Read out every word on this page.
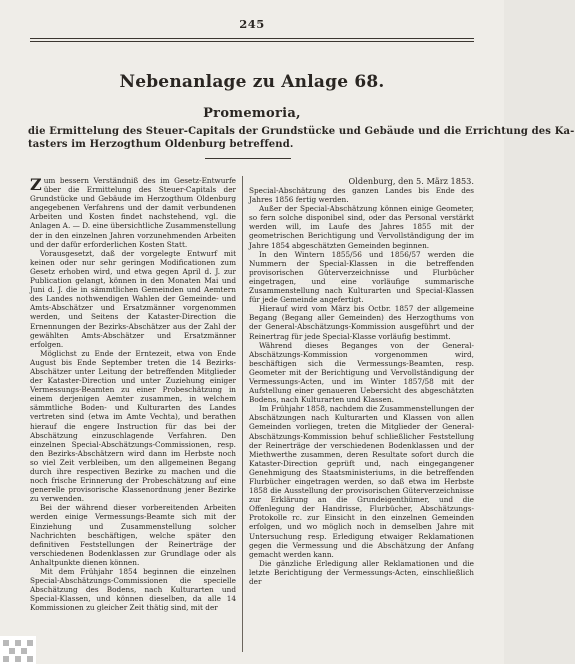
245
Nebenanlage zu Anlage 68.
Promemoria,
die Ermittelung des Steuer-Capitals der Grundstücke und Gebäude und die Errichtung des Ka-
tasters im Herzogthum Oldenburg betreffend.

Zum bessern Verständniß des im Gesetz-Entwurfe über die Ermittelung des Steuer-Capitals der Grundstücke und Gebäude im Herzogthum Oldenburg angegebenen Verfahrens und der damit verbundenen Arbeiten und Kosten findet nachstehend, vgl. die Anlagen A. — D. eine übersichtliche Zusammenstellung der in den einzelnen Jahren vorzunehmenden Arbeiten und der dafür erforderlichen Kosten Statt.

Vorausgesetzt, daß der vorgelegte Entwurf mit keinen oder nur sehr geringen Modificationen zum Gesetz erhoben wird, und etwa gegen April d. J. zur Publication gelangt, können in den Monaten Mai und Juni d. J. die in sämmtlichen Gemeinden und Aemtern des Landes nothwendigen Wahlen der Gemeinde- und Amts-Abschätzer und Ersatzmänner vorgenommen werden, und Seitens der Kataster-Direction die Ernennungen der Bezirks-Abschätzer aus der Zahl der gewählten Amts-Abschätzer und Ersatzmänner erfolgen.

Möglichst zu Ende der Erntezeit, etwa von Ende August bis Ende September treten die 14 Bezirks-Abschätzer unter Leitung der betreffenden Mitglieder der Kataster-Direction und unter Zuziehung einiger Vermessungs-Beamten zu einer Probeschätzung in einem derjenigen Aemter zusammen, in welchem sämmtliche Boden- und Kulturarten des Landes vertreten sind (etwa im Amte Vechta), und berathen hierauf die engere Instruction für das bei der Abschätzung einzuschlagende Verfahren. Den einzelnen Special-Abschätzungs-Commissionen, resp. den Bezirks-Abschätzern wird dann im Herbste noch so viel Zeit verbleiben, um den allgemeinen Begang durch ihre respectiven Bezirke zu machen und die noch frische Erinnerung der Probeschätzung auf eine generelle provisorische Klassenordnung jener Bezirke zu verwenden.

Bei der während dieser vorbereitenden Arbeiten werden einige Vermessungs-Beamte sich mit der Einziehung und Zusammenstellung solcher Nachrichten beschäftigen, welche später den definitiven Feststellungen der Reinerträge der verschiedenen Bodenklassen zur Grundlage oder als Anhaltpunkte dienen können.

Mit dem Frühjahr 1854 beginnen die einzelnen Special-Abschätzungs-Commissionen die specielle Abschätzung des Bodens, nach Kulturarten und Special-Klassen, und können dieselben, da alle 14 Kommissionen zu gleicher Zeit thätig sind, mit der

Oldenburg, den 5. März 1853.

Special-Abschätzung des ganzen Landes bis Ende des Jahres 1856 fertig werden.

Außer der Special-Abschätzung können einige Geometer, so fern solche disponibel sind, oder das Personal verstärkt werden will, im Laufe des Jahres 1855 mit der geometrischen Berichtigung und Vervollständigung der im Jahre 1854 abgeschätzten Gemeinden beginnen.

In den Wintern 1855/56 und 1856/57 werden die Nummern der Special-Klassen in die betreffenden provisorischen Güterverzeichnisse und Flurbücher eingetragen, und eine vorläufige summarische Zusammenstellung nach Kulturarten und Special-Klassen für jede Gemeinde angefertigt.

Hierauf wird vom März bis Octbr. 1857 der allgemeine Begang (Begang aller Gemeinden) des Herzogthums von der General-Abschätzungs-Kommission ausgeführt und der Reinertrag für jede Special-Klasse vorläufig bestimmt.

Während dieses Beganges von der General-Abschätzungs-Kommission vorgenommen wird, beschäftigen sich die Vermessungs-Beamten, resp. Geometer mit der Berichtigung und Vervollständigung der Vermessungs-Acten, und im Winter 1857/58 mit der Aufstellung einer genaueren Uebersicht des abgeschätzten Bodens, nach Kulturarten und Klassen.

Im Frühjahr 1858, nachdem die Zusammenstellungen der Abschätzungen nach Kulturarten und Klassen von allen Gemeinden vorliegen, treten die Mitglieder der General-Abschätzungs-Kommission behuf schließlicher Feststellung der Reinerträge der verschiedenen Bodenklassen und der Miethwerthe zusammen, deren Resultate sofort durch die Kataster-Direction geprüft und, nach eingegangener Genehmigung des Staatsministeriums, in die betreffenden Flurbücher eingetragen werden, so daß etwa im Herbste 1858 die Ausstellung der provisorischen Güterverzeichnisse zur Erklärung an die Grundeigenthümer, und die Offenlegung der Handrisse, Flurbücher, Abschätzungs-Protokolle rc. zur Einsicht in den einzelnen Gemeinden erfolgen, und wo möglich noch in demselben Jahre mit Untersuchung resp. Erledigung etwaiger Reklamationen gegen die Vermessung und die Abschätzung der Anfang gemacht werden kann.

Die gänzliche Erledigung aller Reklamationen und die letzte Berichtigung der Vermessungs-Acten, einschließlich der
